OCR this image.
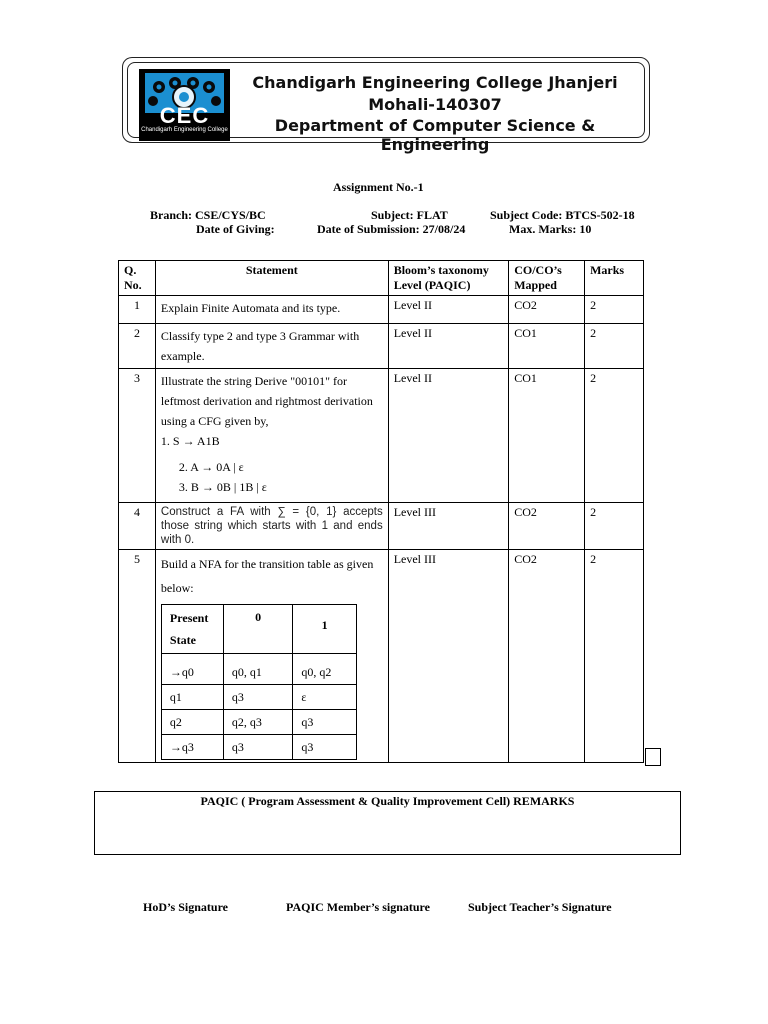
CEC
Chandigarh Engineering College
Chandigarh Engineering College Jhanjeri
Mohali-140307
Department of Computer Science & Engineering
Assignment No.-1
Branch: CSE/CYS/BC	Subject: FLAT	Subject Code: BTCS-502-18
Date of Giving:	Date of Submission: 27/08/24	Max. Marks: 10
Q. No.	Statement	Bloom’s taxonomy Level (PAQIC)	CO/CO’s Mapped	Marks
1	Explain Finite Automata and its type.	Level II	CO2	2
2	Classify type 2 and type 3 Grammar with example.	Level II	CO1	2
3	Illustrate the string Derive "00101" for leftmost derivation and rightmost derivation using a CFG given by,
1. S → A1B
2. A → 0A | ε
3. B → 0B | 1B | ε
	Level II	CO1	2
4	Construct a FA with ∑ = {0, 1} accepts those string which starts with 1 and ends with 0.	Level III	CO2	2
5	Build a NFA for the transition table as given below:
Present State	0	1
→q0	q0, q1	q0, q2
q1	q3	ε
q2	q2, q3	q3
→q3	q3	q3
	Level III	CO2	2
PAQIC ( Program Assessment & Quality Improvement Cell) REMARKS
HoD’s Signature	PAQIC Member’s signature	Subject Teacher’s Signature
